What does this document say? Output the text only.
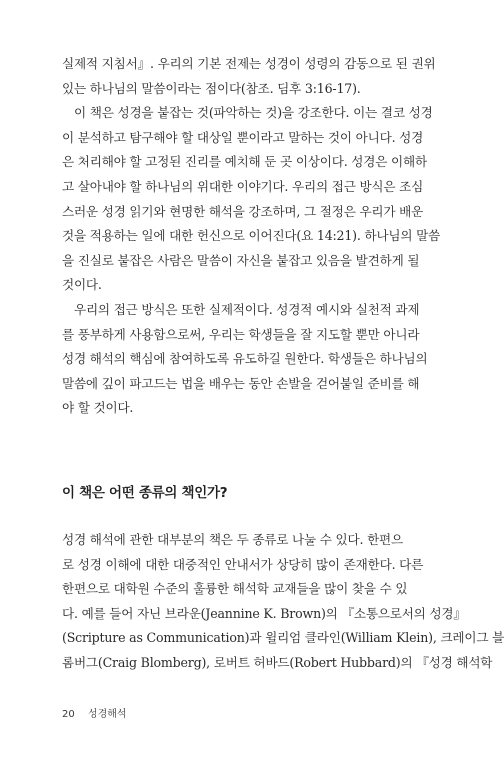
실제적 지침서』. 우리의 기본 전제는 성경이 성령의 감동으로 된 권위
있는 하나님의 말씀이라는 점이다(참조. 딤후 3:16-17).

이 책은 성경을 붙잡는 것(파악하는 것)을 강조한다. 이는 결코 성경
이 분석하고 탐구해야 할 대상일 뿐이라고 말하는 것이 아니다. 성경
은 처리해야 할 고정된 진리를 예치해 둔 곳 이상이다. 성경은 이해하
고 살아내야 할 하나님의 위대한 이야기다. 우리의 접근 방식은 조심
스러운 성경 읽기와 현명한 해석을 강조하며, 그 절정은 우리가 배운
것을 적용하는 일에 대한 헌신으로 이어진다(요 14:21). 하나님의 말씀
을 진실로 붙잡은 사람은 말씀이 자신을 붙잡고 있음을 발견하게 될
것이다.

우리의 접근 방식은 또한 실제적이다. 성경적 예시와 실천적 과제
를 풍부하게 사용함으로써, 우리는 학생들을 잘 지도할 뿐만 아니라
성경 해석의 핵심에 참여하도록 유도하길 원한다. 학생들은 하나님의
말씀에 깊이 파고드는 법을 배우는 동안 손발을 걷어붙일 준비를 해
야 할 것이다.

이 책은 어떤 종류의 책인가?

성경 해석에 관한 대부분의 책은 두 종류로 나눌 수 있다. 한편으
로 성경 이해에 대한 대중적인 안내서가 상당히 많이 존재한다. 다른
한편으로 대학원 수준의 훌륭한 해석학 교재들을 많이 찾을 수 있
다. 예를 들어 자닌 브라운(Jeannine K. Brown)의 『소통으로서의 성경』
(Scripture as Communication)과 윌리엄 클라인(William Klein), 크레이그 블
롬버그(Craig Blomberg), 로버트 허바드(Robert Hubbard)의 『성경 해석학

20 성경해석
